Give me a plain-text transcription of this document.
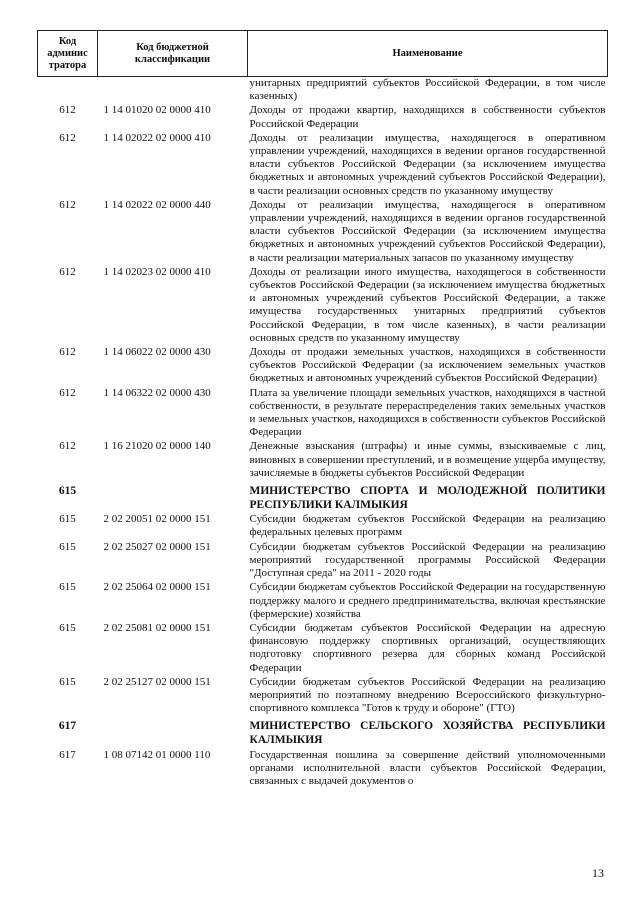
Код админис тратора	Код бюджетной классификации	Наименование
		унитарных предприятий субъектов Российской Федерации, в том числе казенных)
612	1 14 01020 02 0000 410	Доходы от продажи квартир, находящихся в собственности субъектов Российской Федерации
612	1 14 02022 02 0000 410	Доходы от реализации имущества, находящегося в оперативном управлении учреждений, находящихся в ведении органов государственной власти субъектов Российской Федерации (за исключением имущества бюджетных и автономных учреждений субъектов Российской Федерации), в части реализации основных средств по указанному имуществу
612	1 14 02022 02 0000 440	Доходы от реализации имущества, находящегося в оперативном управлении учреждений, находящихся в ведении органов государственной власти субъектов Российской Федерации (за исключением имущества бюджетных и автономных учреждений субъектов Российской Федерации), в части реализации материальных запасов по указанному имуществу
612	1 14 02023 02 0000 410	Доходы от реализации иного имущества, находящегося в собственности субъектов Российской Федерации (за исключением имущества бюджетных и автономных учреждений субъектов Российской Федерации, а также имущества государственных унитарных предприятий субъектов Российской Федерации, в том числе казенных), в части реализации основных средств по указанному имуществу
612	1 14 06022 02 0000 430	Доходы от продажи земельных участков, находящихся в собственности субъектов Российской Федерации (за исключением земельных участков бюджетных и автономных учреждений субъектов Российской Федерации)
612	1 14 06322 02 0000 430	Плата за увеличение площади земельных участков, находящихся в частной собственности, в результате перераспределения таких земельных участков и земельных участков, находящихся в собственности субъектов Российской Федерации
612	1 16 21020 02 0000 140	Денежные взыскания (штрафы) и иные суммы, взыскиваемые с лиц, виновных в совершении преступлений, и в возмещение ущерба имуществу, зачисляемые в бюджеты субъектов Российской Федерации
615		МИНИСТЕРСТВО СПОРТА И МОЛОДЕЖНОЙ ПОЛИТИКИ РЕСПУБЛИКИ КАЛМЫКИЯ
615	2 02 20051 02 0000 151	Субсидии бюджетам субъектов Российской Федерации на реализацию федеральных целевых программ
615	2 02 25027 02 0000 151	Субсидии бюджетам субъектов Российской Федерации на реализацию мероприятий государственной программы Российской Федерации "Доступная среда" на 2011 - 2020 годы
615	2 02 25064 02 0000 151	Субсидии бюджетам субъектов Российской Федерации на государственную поддержку малого и среднего предпринимательства, включая крестьянские (фермерские) хозяйства
615	2 02 25081 02 0000 151	Субсидии бюджетам субъектов Российской Федерации на адресную финансовую поддержку спортивных организаций, осуществляющих подготовку спортивного резерва для сборных команд Российской Федерации
615	2 02 25127 02 0000 151	Субсидии бюджетам субъектов Российской Федерации на реализацию мероприятий по поэтапному внедрению Всероссийского физкультурно-спортивного комплекса "Готов к труду и обороне" (ГТО)
617		МИНИСТЕРСТВО СЕЛЬСКОГО ХОЗЯЙСТВА РЕСПУБЛИКИ КАЛМЫКИЯ
617	1 08 07142 01 0000 110	Государственная пошлина за совершение действий уполномоченными органами исполнительной власти субъектов Российской Федерации, связанных с выдачей документов о
13
